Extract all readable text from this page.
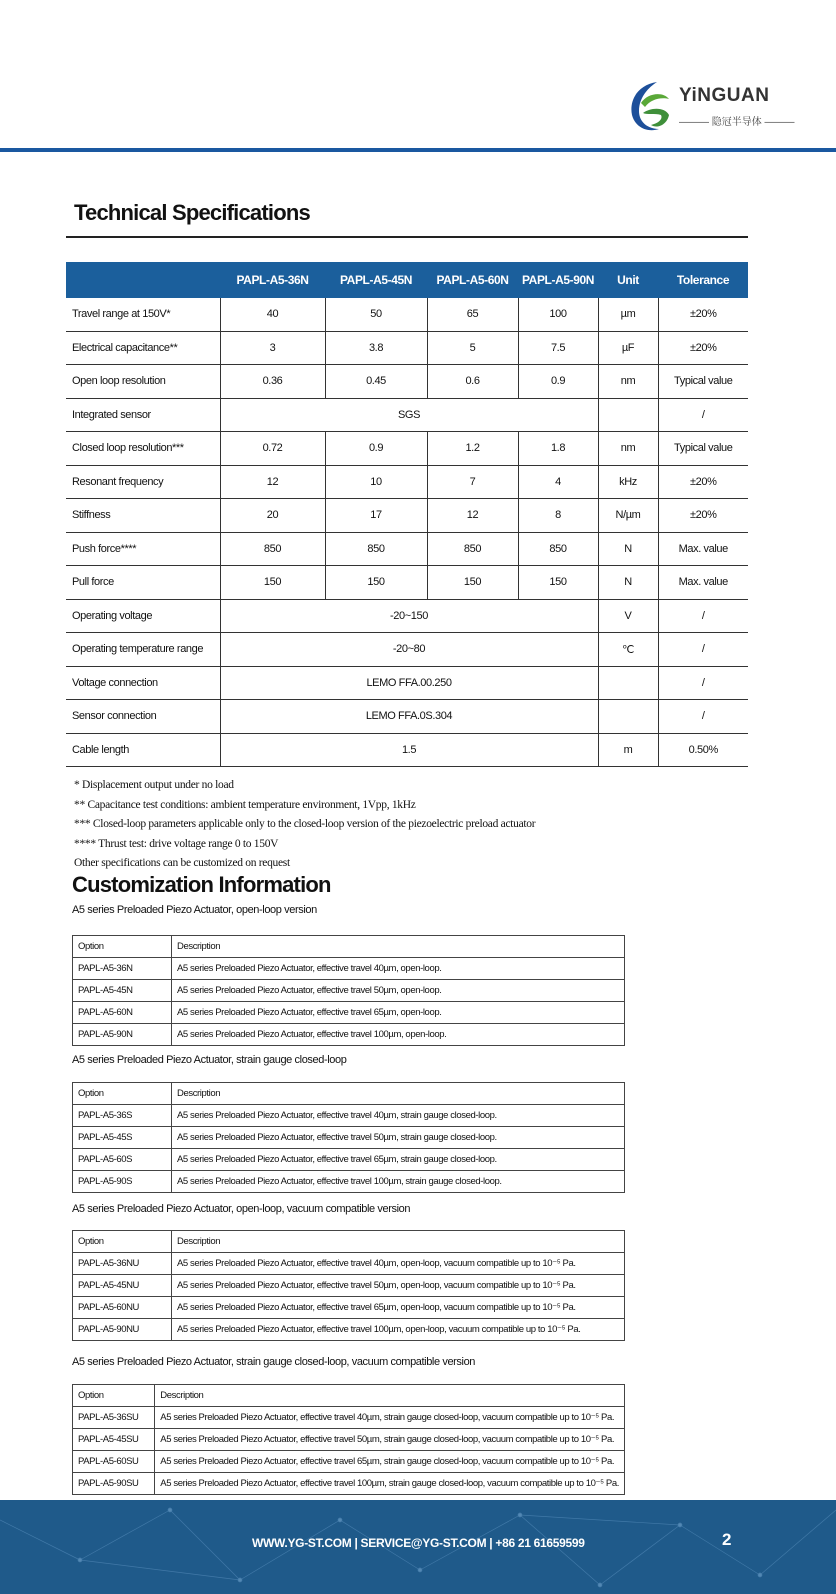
YiNGUAN
——— 隐冠半导体 ———
Technical Specifications
	PAPL-A5-36N	PAPL-A5-45N	PAPL-A5-60N	PAPL-A5-90N	Unit	Tolerance
Travel range at 150V*	40	50	65	100	µm	±20%
Electrical capacitance**	3	3.8	5	7.5	µF	±20%
Open loop resolution	0.36	0.45	0.6	0.9	nm	Typical value
Integrated sensor	SGS					/
Closed loop resolution***	0.72	0.9	1.2	1.8	nm	Typical value
Resonant frequency	12	10	7	4	kHz	±20%
Stiffness	20	17	12	8	N/µm	±20%
Push force****	850	850	850	850	N	Max. value
Pull force	150	150	150	150	N	Max. value
Operating voltage	-20~150				V	/
Operating temperature range	-20~80				℃	/
Voltage connection	LEMO FFA.00.250					/
Sensor connection	LEMO FFA.0S.304					/
Cable length	1.5				m	0.50%
* Displacement output under no load
** Capacitance test conditions: ambient temperature environment, 1Vpp, 1kHz
*** Closed-loop parameters applicable only to the closed-loop version of the piezoelectric preload actuator
**** Thrust test: drive voltage range 0 to 150V
Other specifications can be customized on request
Customization Information
A5 series Preloaded Piezo Actuator, open-loop version
Option	Description
PAPL-A5-36N	A5 series Preloaded Piezo Actuator, effective travel 40µm, open-loop.
PAPL-A5-45N	A5 series Preloaded Piezo Actuator, effective travel 50µm, open-loop.
PAPL-A5-60N	A5 series Preloaded Piezo Actuator, effective travel 65µm, open-loop.
PAPL-A5-90N	A5 series Preloaded Piezo Actuator, effective travel 100µm, open-loop.
A5 series Preloaded Piezo Actuator, strain gauge closed-loop
Option	Description
PAPL-A5-36S	A5 series Preloaded Piezo Actuator, effective travel 40µm, strain gauge closed-loop.
PAPL-A5-45S	A5 series Preloaded Piezo Actuator, effective travel 50µm, strain gauge closed-loop.
PAPL-A5-60S	A5 series Preloaded Piezo Actuator, effective travel 65µm, strain gauge closed-loop.
PAPL-A5-90S	A5 series Preloaded Piezo Actuator, effective travel 100µm, strain gauge closed-loop.
A5 series Preloaded Piezo Actuator, open-loop, vacuum compatible version
Option	Description
PAPL-A5-36NU	A5 series Preloaded Piezo Actuator, effective travel 40µm, open-loop, vacuum compatible up to 10⁻⁵ Pa.
PAPL-A5-45NU	A5 series Preloaded Piezo Actuator, effective travel 50µm, open-loop, vacuum compatible up to 10⁻⁵ Pa.
PAPL-A5-60NU	A5 series Preloaded Piezo Actuator, effective travel 65µm, open-loop, vacuum compatible up to 10⁻⁵ Pa.
PAPL-A5-90NU	A5 series Preloaded Piezo Actuator, effective travel 100µm, open-loop, vacuum compatible up to 10⁻⁵ Pa.
A5 series Preloaded Piezo Actuator, strain gauge closed-loop, vacuum compatible version
Option	Description
PAPL-A5-36SU	A5 series Preloaded Piezo Actuator, effective travel 40µm, strain gauge closed-loop, vacuum compatible up to 10⁻⁵ Pa.
PAPL-A5-45SU	A5 series Preloaded Piezo Actuator, effective travel 50µm, strain gauge closed-loop, vacuum compatible up to 10⁻⁵ Pa.
PAPL-A5-60SU	A5 series Preloaded Piezo Actuator, effective travel 65µm, strain gauge closed-loop, vacuum compatible up to 10⁻⁵ Pa.
PAPL-A5-90SU	A5 series Preloaded Piezo Actuator, effective travel 100µm, strain gauge closed-loop, vacuum compatible up to 10⁻⁵ Pa.
WWW.YG-ST.COM | SERVICE@YG-ST.COM | +86 21 61659599	2
